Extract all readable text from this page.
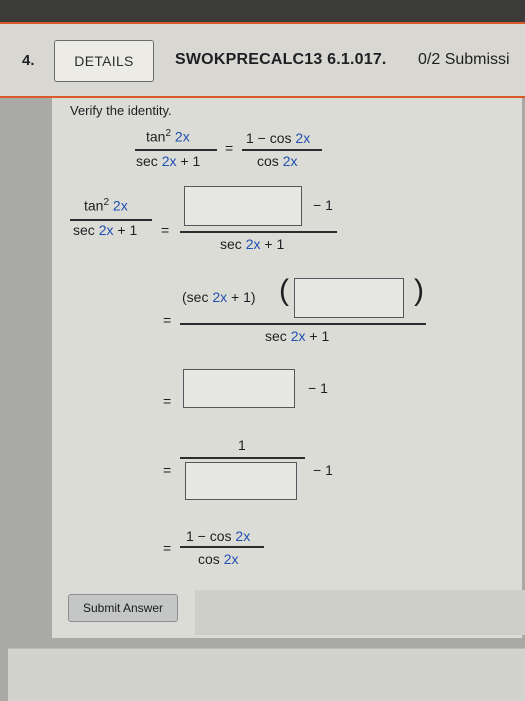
4.	DETAILS	SWOKPRECALC13 6.1.017. 0/2 Submissi
Verify the identity.
$\tan^2 2x$
sec 2x + 1
=
1 − cos 2x
cos 2x
$\tan^2 2x$
sec 2x + 1 =
− 1
sec 2x + 1
(sec 2x + 1) (	)
=
sec 2x + 1
=
− 1
1
=	− 1
1 − cos 2x
=
cos 2x
Submit Answer
